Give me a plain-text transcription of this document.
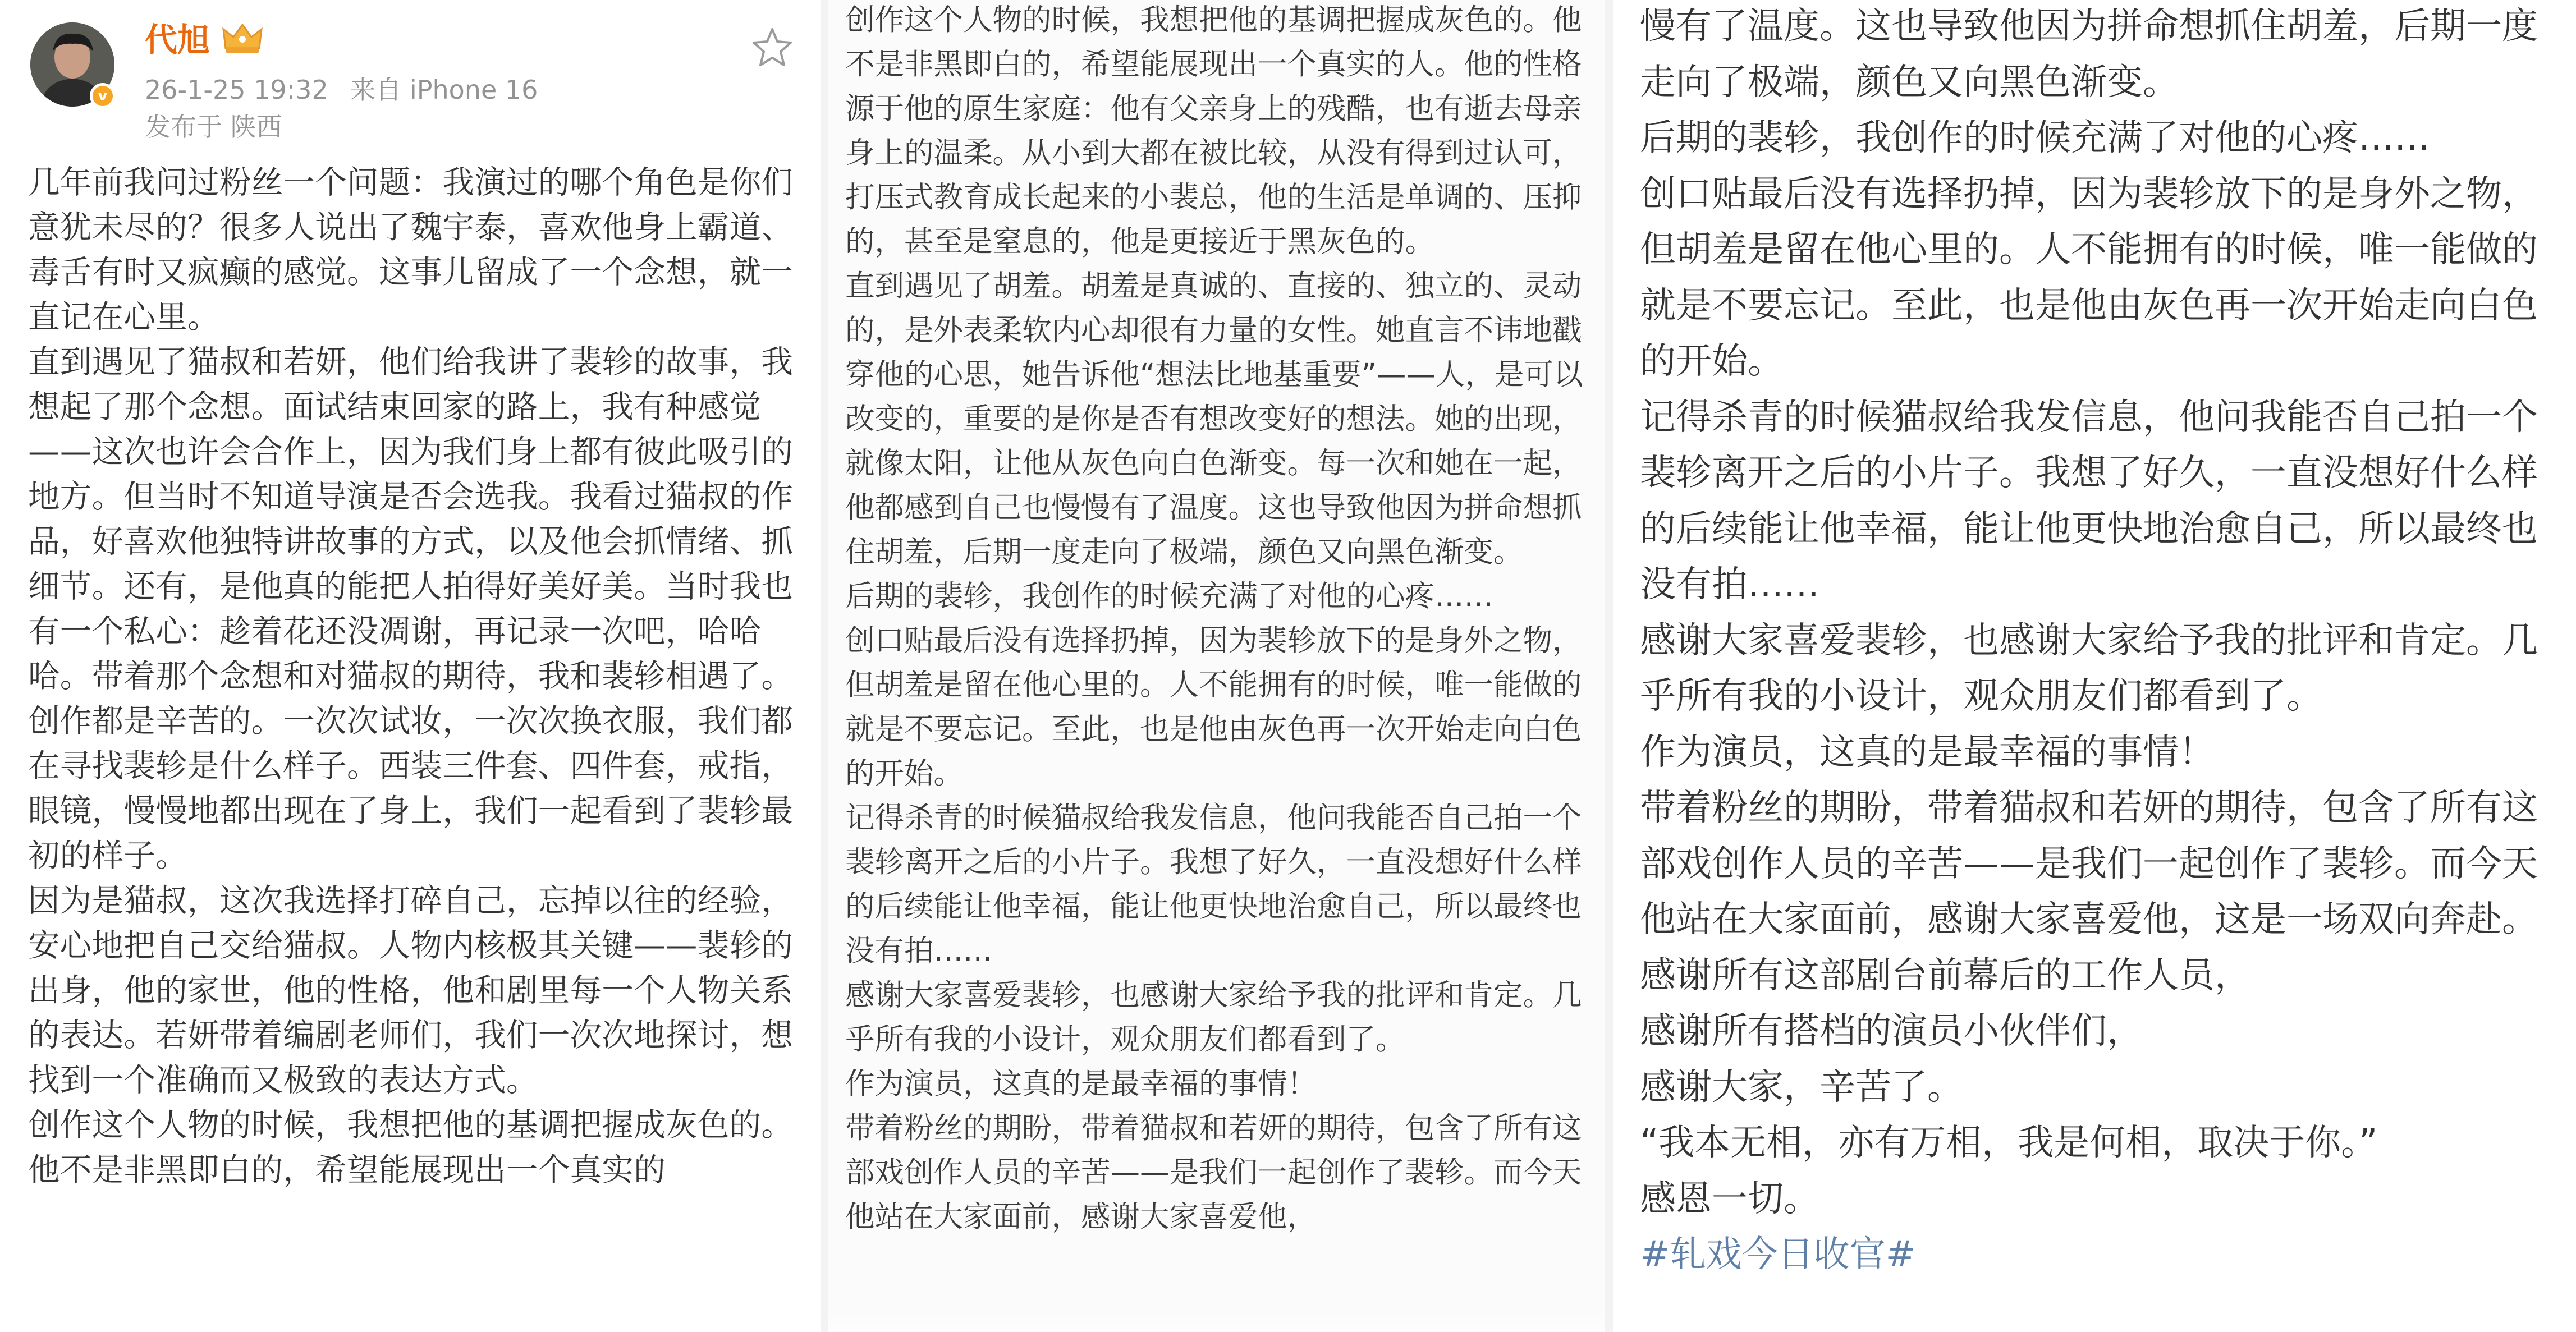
v
代旭
26-1-25 19:32 来自 iPhone 16
发布于 陕西
几年前我问过粉丝一个问题：我演过的哪个角色是你们意犹未尽的？很多人说出了魏宇泰，喜欢他身上霸道、毒舌有时又疯癫的感觉。这事儿留成了一个念想，就一直记在心里。
直到遇见了猫叔和若妍，他们给我讲了裴轸的故事，我想起了那个念想。面试结束回家的路上，我有种感觉——这次也许会合作上，因为我们身上都有彼此吸引的地方。但当时不知道导演是否会选我。我看过猫叔的作品，好喜欢他独特讲故事的方式，以及他会抓情绪、抓细节。还有，是他真的能把人拍得好美好美。当时我也有一个私心：趁着花还没凋谢，再记录一次吧，哈哈哈。带着那个念想和对猫叔的期待，我和裴轸相遇了。
创作都是辛苦的。一次次试妆，一次次换衣服，我们都在寻找裴轸是什么样子。西装三件套、四件套，戒指，眼镜，慢慢地都出现在了身上，我们一起看到了裴轸最初的样子。
因为是猫叔，这次我选择打碎自己，忘掉以往的经验，安心地把自己交给猫叔。人物内核极其关键——裴轸的出身，他的家世，他的性格，他和剧里每一个人物关系的表达。若妍带着编剧老师们，我们一次次地探讨，想找到一个准确而又极致的表达方式。
创作这个人物的时候，我想把他的基调把握成灰色的。他不是非黑即白的，希望能展现出一个真实的
创作这个人物的时候，我想把他的基调把握成灰色的。他不是非黑即白的，希望能展现出一个真实的人。他的性格源于他的原生家庭：他有父亲身上的残酷，也有逝去母亲身上的温柔。从小到大都在被比较，从没有得到过认可，打压式教育成长起来的小裴总，他的生活是单调的、压抑的，甚至是窒息的，他是更接近于黑灰色的。
直到遇见了胡羞。胡羞是真诚的、直接的、独立的、灵动的，是外表柔软内心却很有力量的女性。她直言不讳地戳穿他的心思，她告诉他“想法比地基重要”——人，是可以改变的，重要的是你是否有想改变好的想法。她的出现，就像太阳，让他从灰色向白色渐变。每一次和她在一起，他都感到自己也慢慢有了温度。这也导致他因为拼命想抓住胡羞，后期一度走向了极端，颜色又向黑色渐变。
后期的裴轸，我创作的时候充满了对他的心疼……
创口贴最后没有选择扔掉，因为裴轸放下的是身外之物，但胡羞是留在他心里的。人不能拥有的时候，唯一能做的就是不要忘记。至此，也是他由灰色再一次开始走向白色的开始。
记得杀青的时候猫叔给我发信息，他问我能否自己拍一个裴轸离开之后的小片子。我想了好久，一直没想好什么样的后续能让他幸福，能让他更快地治愈自己，所以最终也没有拍……
感谢大家喜爱裴轸，也感谢大家给予我的批评和肯定。几乎所有我的小设计，观众朋友们都看到了。
作为演员，这真的是最幸福的事情！
带着粉丝的期盼，带着猫叔和若妍的期待，包含了所有这部戏创作人员的辛苦——是我们一起创作了裴轸。而今天他站在大家面前，感谢大家喜爱他，
慢有了温度。这也导致他因为拼命想抓住胡羞，后期一度走向了极端，颜色又向黑色渐变。
后期的裴轸，我创作的时候充满了对他的心疼……
创口贴最后没有选择扔掉，因为裴轸放下的是身外之物，但胡羞是留在他心里的。人不能拥有的时候，唯一能做的就是不要忘记。至此，也是他由灰色再一次开始走向白色的开始。
记得杀青的时候猫叔给我发信息，他问我能否自己拍一个裴轸离开之后的小片子。我想了好久，一直没想好什么样的后续能让他幸福，能让他更快地治愈自己，所以最终也没有拍……
感谢大家喜爱裴轸，也感谢大家给予我的批评和肯定。几乎所有我的小设计，观众朋友们都看到了。
作为演员，这真的是最幸福的事情！
带着粉丝的期盼，带着猫叔和若妍的期待，包含了所有这部戏创作人员的辛苦——是我们一起创作了裴轸。而今天他站在大家面前，感谢大家喜爱他，这是一场双向奔赴。
感谢所有这部剧台前幕后的工作人员，
感谢所有搭档的演员小伙伴们，
感谢大家，辛苦了。
“我本无相，亦有万相，我是何相，取决于你。”
感恩一切。
#轧戏今日收官#
